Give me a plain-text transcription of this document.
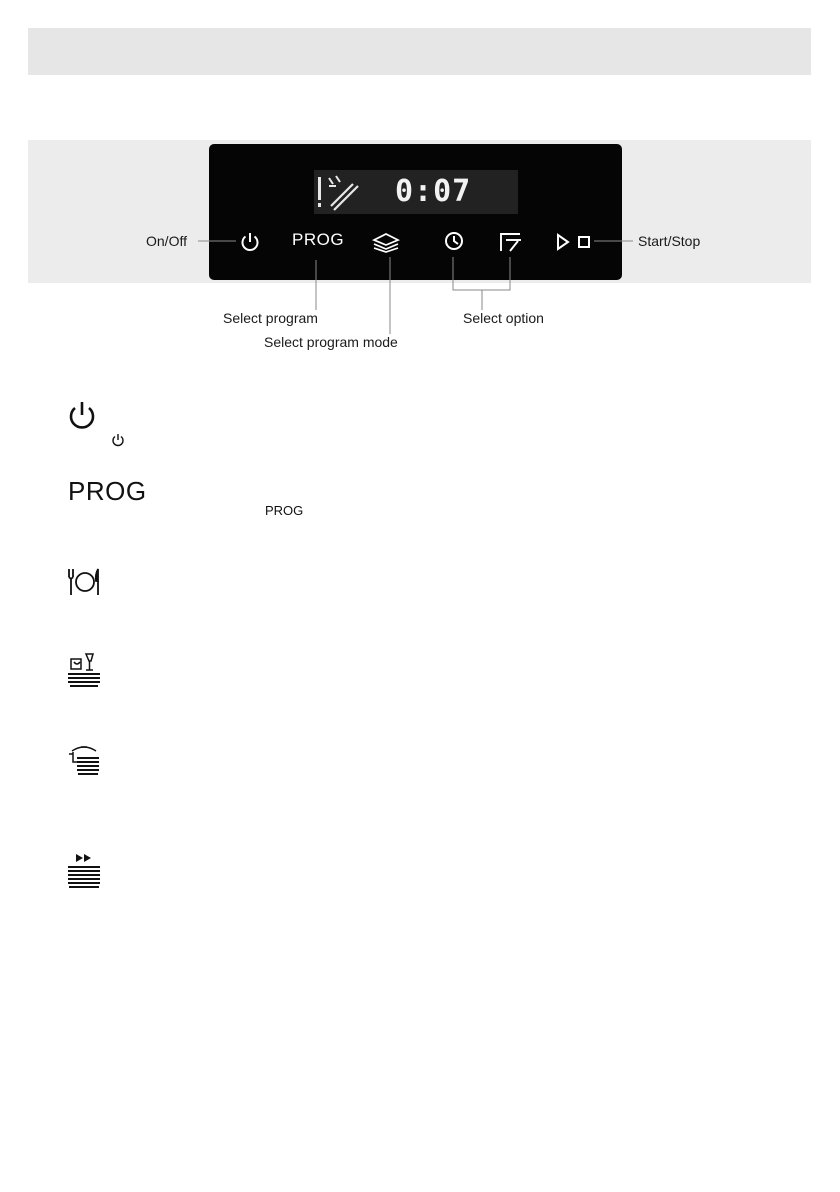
0:07
PROG
On/Off	Start/Stop
Select program
Select program mode
Select option
PROG
PROG
